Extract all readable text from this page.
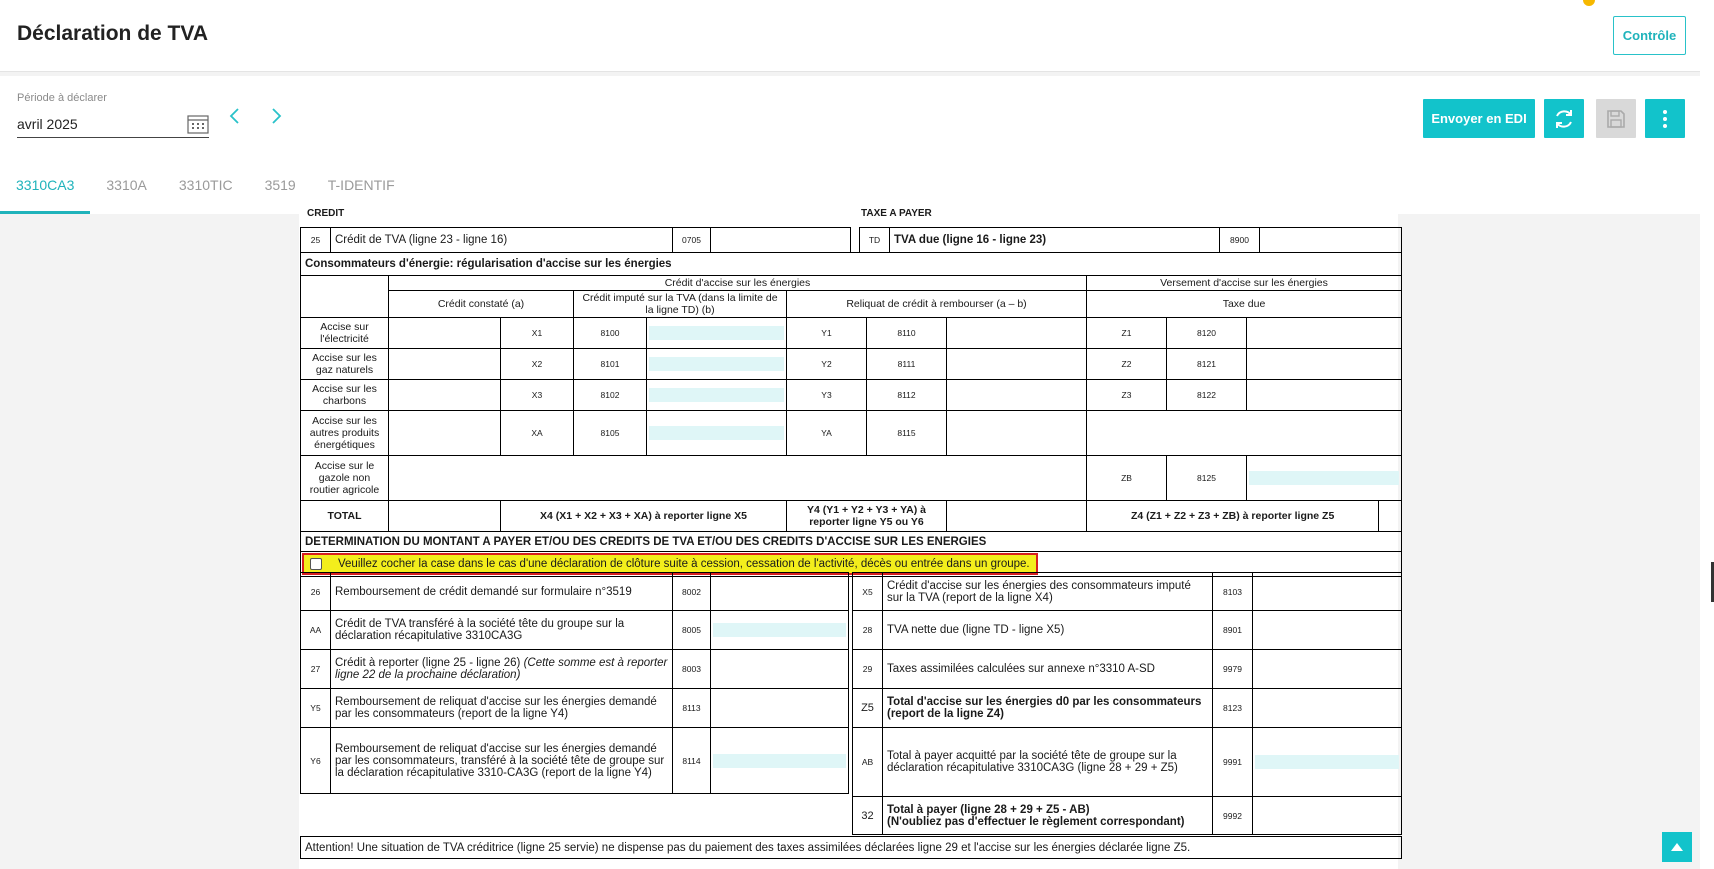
Déclaration de TVA	Contrôle
Période à déclarer
avril 2025
3310CA3	3310A	3310TIC	3519	T-IDENTIF
Envoyer en EDI
CREDIT	TAXE A PAYER
25	Crédit de TVA (ligne 23 - ligne 16)	0705			TD	TVA due (ligne 16 - ligne 23)	8900	
Consommateurs d'énergie: régularisation d'accise sur les énergies											
	Crédit d'accise sur les énergies							Versement d'accise sur les énergies			
	Crédit constaté (a)		Crédit imputé sur la TVA (dans la limite de la ligne TD) (b)		Reliquat de crédit à rembourser (a – b)			Taxe due			
Accise sur l'électricité		X1	8100		Y1	8110		Z1	8120		
Accise sur les gaz naturels		X2	8101		Y2	8111		Z2	8121		
Accise sur les charbons		X3	8102		Y3	8112		Z3	8122		
Accise sur les autres produits énergétiques		XA	8105		YA	8115					
Accise sur le gazole non routier agricole								ZB	8125		

TOTAL		X4 (X1 + X2 + X3 + XA) à reporter ligne X5			Y4 (Y1 + Y2 + Y3 + YA) à reporter ligne Y5 ou Y6			Z4 (Z1 + Z2 + Z3 + ZB) à reporter ligne Z5			
DETERMINATION DU MONTANT A PAYER ET/OU DES CREDITS DE TVA ET/OU DES CREDITS D'ACCISE SUR LES ENERGIES											

Veuillez cocher la case dans le cas d'une déclaration de clôture suite à cession, cessation de l'activité, décès ou entrée dans un groupe.											
26	Remboursement de crédit demandé sur formulaire n°3519	8002	
AA	Crédit de TVA transféré à la société tête du groupe sur la déclaration récapitulative 3310CA3G	8005	

27	Crédit à reporter (ligne 25 - ligne 26) (Cette somme est à reporter ligne 22 de la prochaine déclaration)	8003	
Y5	Remboursement de reliquat d'accise sur les énergies demandé par les consommateurs (report de la ligne Y4)	8113	
Y6	Remboursement de reliquat d'accise sur les énergies demandé par les consommateurs, transféré à la société tête de groupe sur la déclaration récapitulative 3310-CA3G (report de la ligne Y4)	8114	
X5	Crédit d'accise sur les énergies des consommateurs imputé sur la TVA (report de la ligne X4)	8103	
28	TVA nette due (ligne TD - ligne X5)	8901	
29	Taxes assimilées calculées sur annexe n°3310 A-SD	9979	
Z5	Total d'accise sur les énergies d0 par les consommateurs (report de la ligne Z4)	8123	
AB	Total à payer acquitté par la société tête de groupe sur la déclaration récapitulative 3310CA3G (ligne 28 + 29 + Z5)	9991	

32	Total à payer (ligne 28 + 29 + Z5 - AB)
(N'oubliez pas d'effectuer le règlement correspondant)	9992	
Attention! Une situation de TVA créditrice (ligne 25 servie) ne dispense pas du paiement des taxes assimilées déclarées ligne 29 et l'accise sur les énergies déclarée ligne Z5.
